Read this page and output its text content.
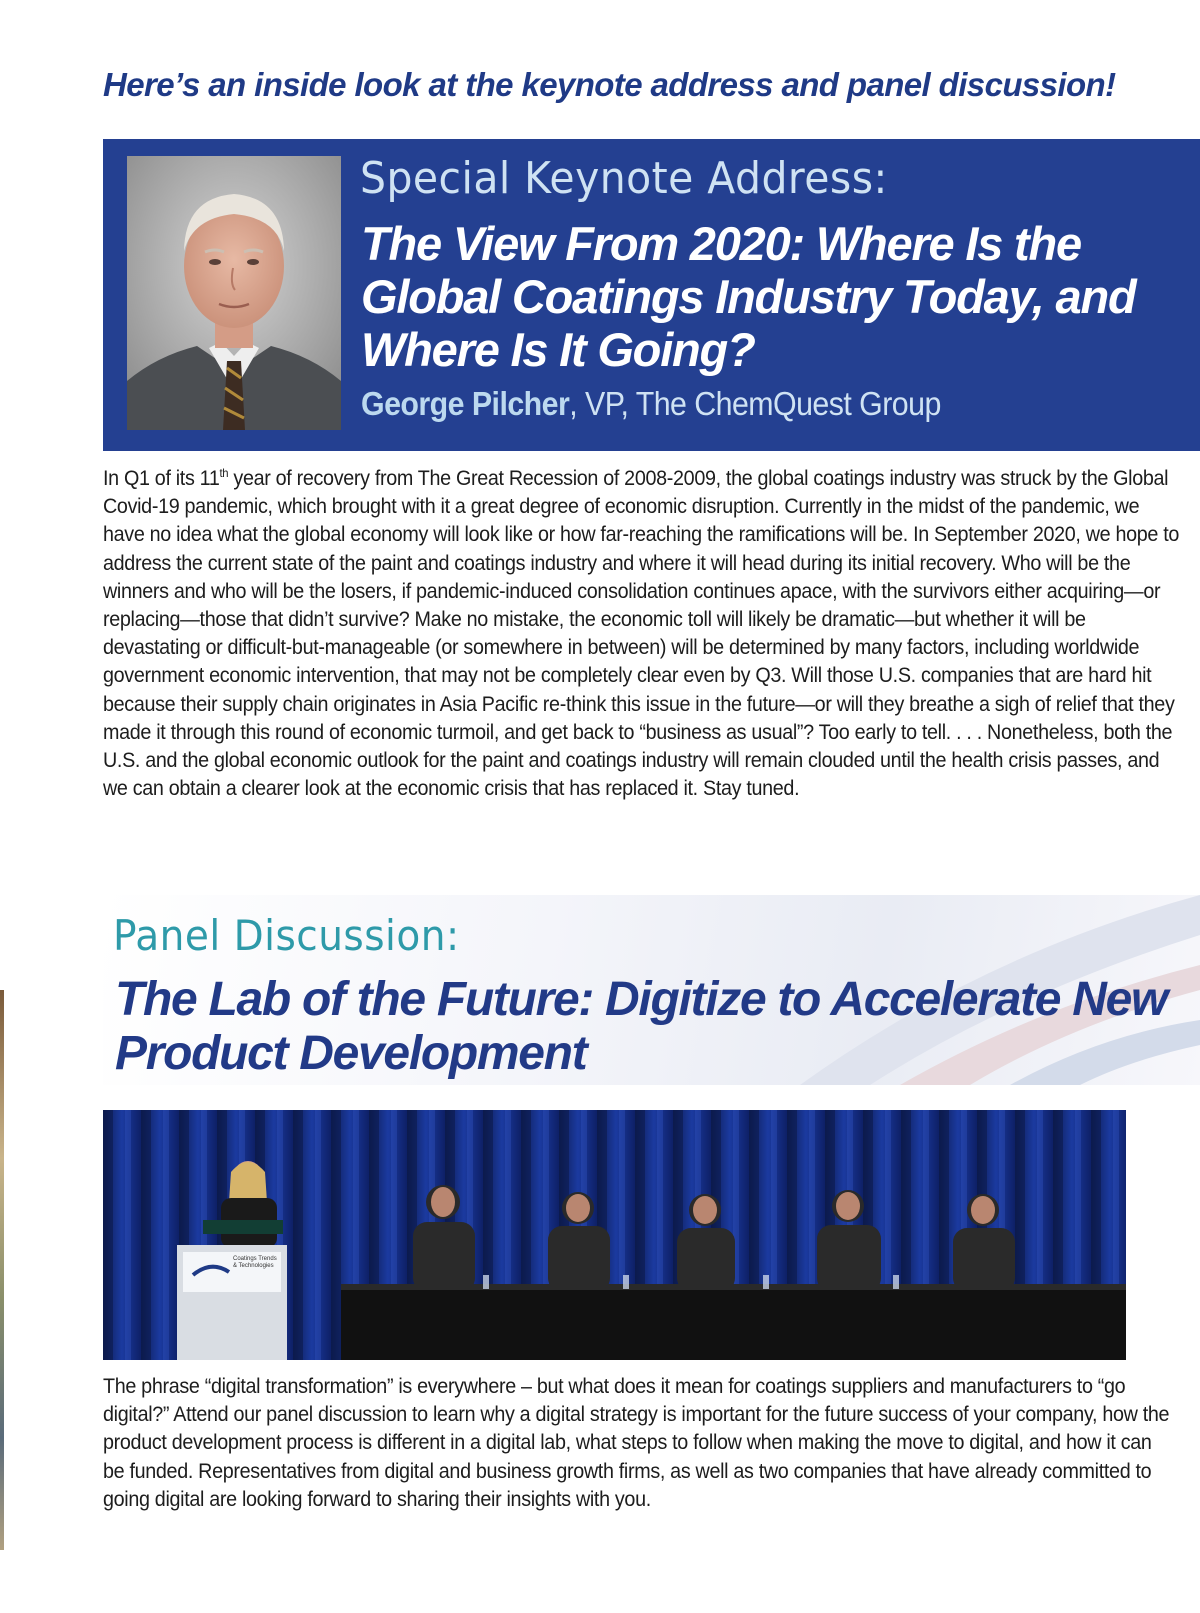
Here’s an inside look at the keynote address and panel discussion!
Special Keynote Address:
The View From 2020: Where Is the Global Coatings Industry Today, and Where Is It Going?
George Pilcher, VP, The ChemQuest Group

In Q1 of its 11th year of recovery from The Great Recession of 2008-2009, the global coatings industry was struck by the Global Covid-19 pandemic, which brought with it a great degree of economic disruption. Currently in the midst of the pandemic, we have no idea what the global economy will look like or how far-reaching the ramifications will be. In September 2020, we hope to address the current state of the paint and coatings industry and where it will head during its initial recovery. Who will be the winners and who will be the losers, if pandemic-induced consolidation continues apace, with the survivors either acquiring—or replacing—those that didn’t survive? Make no mistake, the economic toll will likely be dramatic—but whether it will be devastating or difficult-but-manageable (or somewhere in between) will be determined by many factors, including worldwide government economic intervention, that may not be completely clear even by Q3. Will those U.S. companies that are hard hit because their supply chain originates in Asia Pacific re-think this issue in the future—or will they breathe a sigh of relief that they made it through this round of economic turmoil, and get back to “business as usual”? Too early to tell. . . . Nonetheless, both the U.S. and the global economic outlook for the paint and coatings industry will remain clouded until the health crisis passes, and we can obtain a clearer look at the economic crisis that has replaced it. Stay tuned.

Panel Discussion:
The Lab of the Future: Digitize to Accelerate New Product Development
Coatings Trends
& Technologies

The phrase “digital transformation” is everywhere – but what does it mean for coatings suppliers and manufacturers to “go digital?” Attend our panel discussion to learn why a digital strategy is important for the future success of your company, how the product development process is different in a digital lab, what steps to follow when making the move to digital, and how it can be funded. Representatives from digital and business growth firms, as well as two companies that have already committed to going digital are looking forward to sharing their insights with you.
